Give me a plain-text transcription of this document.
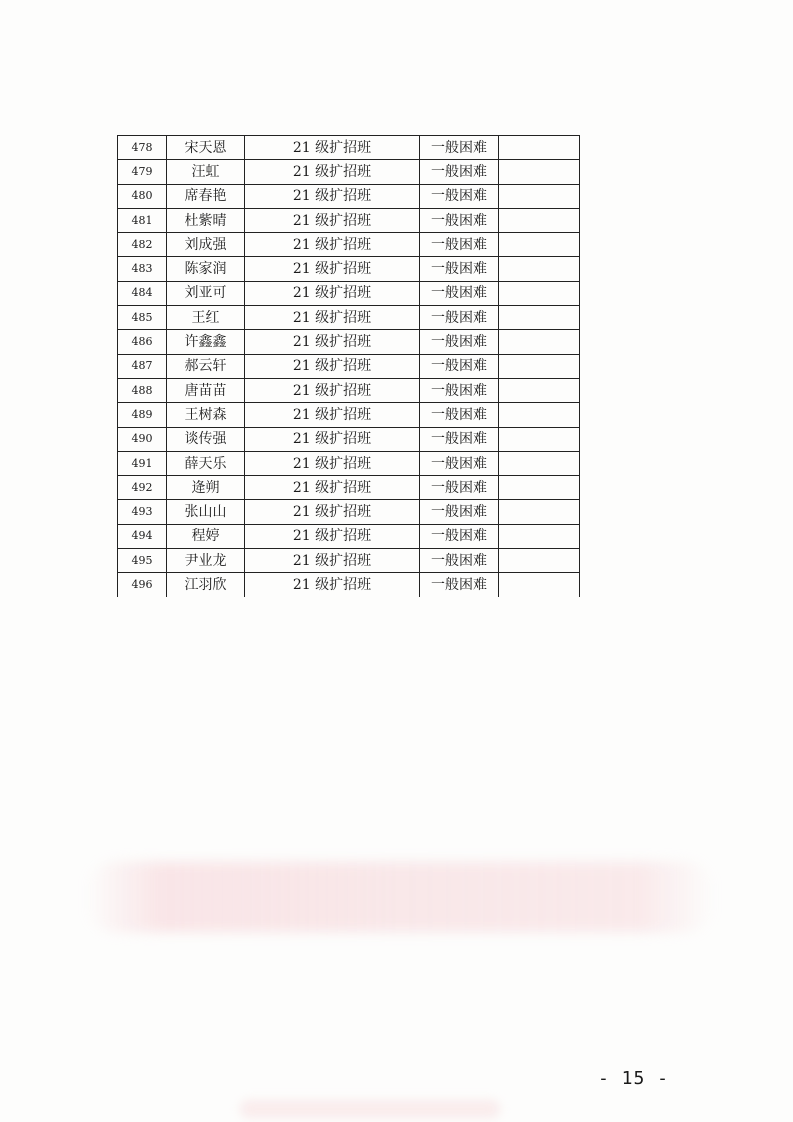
478	宋天恩	21 级扩招班	一般困难	
479	汪虹	21 级扩招班	一般困难	
480	席春艳	21 级扩招班	一般困难	
481	杜紫晴	21 级扩招班	一般困难	
482	刘成强	21 级扩招班	一般困难	
483	陈家润	21 级扩招班	一般困难	
484	刘亚可	21 级扩招班	一般困难	
485	王红	21 级扩招班	一般困难	
486	许鑫鑫	21 级扩招班	一般困难	
487	郝云轩	21 级扩招班	一般困难	
488	唐苗苗	21 级扩招班	一般困难	
489	王树森	21 级扩招班	一般困难	
490	谈传强	21 级扩招班	一般困难	
491	薛天乐	21 级扩招班	一般困难	
492	逄朔	21 级扩招班	一般困难	
493	张山山	21 级扩招班	一般困难	
494	程婷	21 级扩招班	一般困难	
495	尹业龙	21 级扩招班	一般困难	
496	江羽欣	21 级扩招班	一般困难	
- 15 -
